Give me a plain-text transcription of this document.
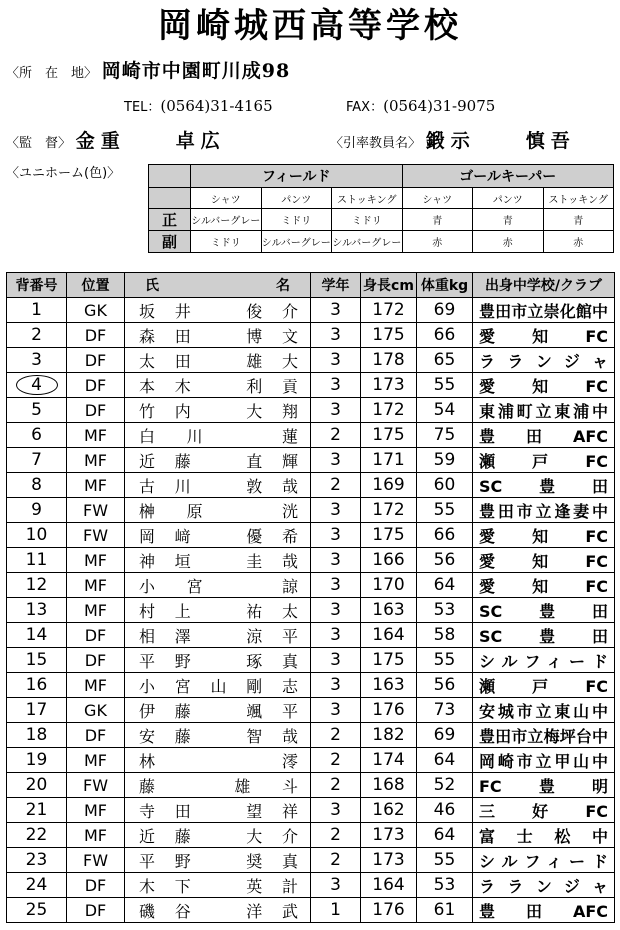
岡崎城西高等学校
〈所　在　地〉 岡崎市中園町川成98
TEL：(0564)31-4165	FAX：(0564)31-9075
〈監　督〉 金重　　卓広	〈引率教員名〉 鍛示　　慎吾
〈ユニホーム(色)〉
		フィールド			ゴールキーパー		
	シャツ	パンツ	ストッキング	シャツ	パンツ	ストッキング
正	シルバーグレー	ミドリ	ミドリ	青	青	青
副	ミドリ	シルバーグレー	シルバーグレー	赤	赤	赤
背番号	位置	氏　　名	学年	身長cm	体重kg	出身中学校/クラブ
1	GK	坂井　俊介	3	172	69	豊田市立崇化館中
2	DF	森田　博文	3	175	66	愛知FC
3	DF	太田　雄大	3	178	65	ラランジャ
4	DF	本木　利貢	3	173	55	愛知FC
5	DF	竹内　大翔	3	172	54	東浦町立東浦中
6	MF	白川　蓮	2	175	75	豊田AFC
7	MF	近藤　直輝	3	171	59	瀬戸FC
8	MF	古川　敦哉	2	169	60	SC豊田
9	FW	榊原　洸	3	172	55	豊田市立逢妻中
10	FW	岡﨑　優希	3	175	66	愛知FC
11	MF	神垣　圭哉	3	166	56	愛知FC
12	MF	小宮　諒	3	170	64	愛知FC
13	MF	村上　祐太	3	163	53	SC豊田
14	DF	相澤　涼平	3	164	58	SC豊田
15	DF	平野　琢真	3	175	55	シルフィード
16	MF	小宮山剛志	3	163	56	瀬戸FC
17	GK	伊藤　颯平	3	176	73	安城市立東山中
18	DF	安藤　智哉	2	182	69	豊田市立梅坪台中
19	MF	林　澪	2	174	64	岡崎市立甲山中
20	FW	藤　雄斗	2	168	52	FC豊明
21	MF	寺田　望祥	3	162	46	三好FC
22	MF	近藤　大介	2	173	64	富士松中
23	FW	平野　奨真	2	173	55	シルフィード
24	DF	木下　英計	3	164	53	ラランジャ
25	DF	磯谷　洋武	1	176	61	豊田AFC
